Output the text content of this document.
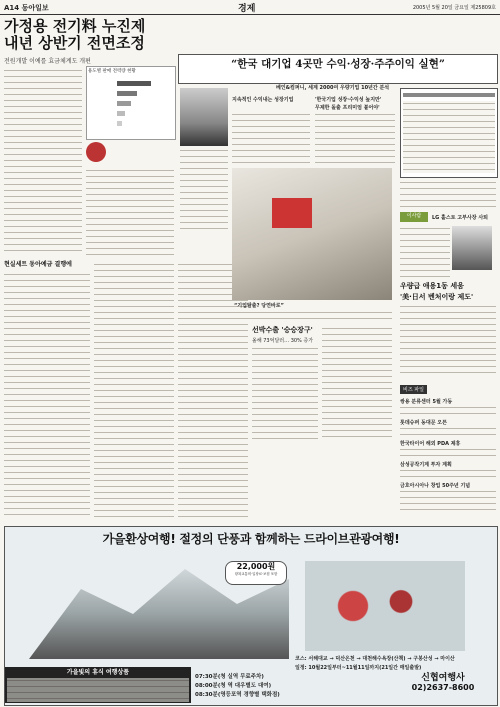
A14 동아일보	경제	2005년 5월 20일 금요일 제25809호
가정용 전기料 누진제
내년 상반기 전면조정
전원개발 이예를 효금체계도 개편
용도별 판매 전력량 현황
현실세트 동아예금 결행에
“한국 대기업 4곳만 수익·성장·주주이익 실현”
베인&컴퍼니, 세계 2000여 우량기업 10년간 분석
지속적인 수익내는 성장기업	'한국기업 성장·수익성 높지만'
무제한 돌출 프리미엄 붙어야'
“기업탈출? 당연바로”
이사람	LG 홀스토 고부사장 사퇴
우량급 애용1동 세움
'美·日서 벤처이랑 제도'
선박수출 '승승장구'
올해 73억달러… 30% 증가
비즈 파일
쌍용 분류센터 5월 가동
롯데슈퍼 동대문 오픈
한국타이어 해외 PDA 제휴
삼성공작기계 투자 계획
금호아시아나 창업 50주년 기념
가을환상여행! 절정의 단풍과 함께하는 드라이브관광여행!
22,000원
왕복교통비·입장료·보험 포함
코스: 서해대교 → 덕산온천 → 대천해수욕장(산책) → 구봉산성 → 마이산
일정: 10월22일부터~11월11일까지(21일간 매일출발)
가을빛의 휴식 여행상품
07:30분(청 실역 무료주차)
08:00분(청 역 대우별도 대여)
08:30분(영등포역 경향별 택화점)
신협여행사
02)2637-8600
